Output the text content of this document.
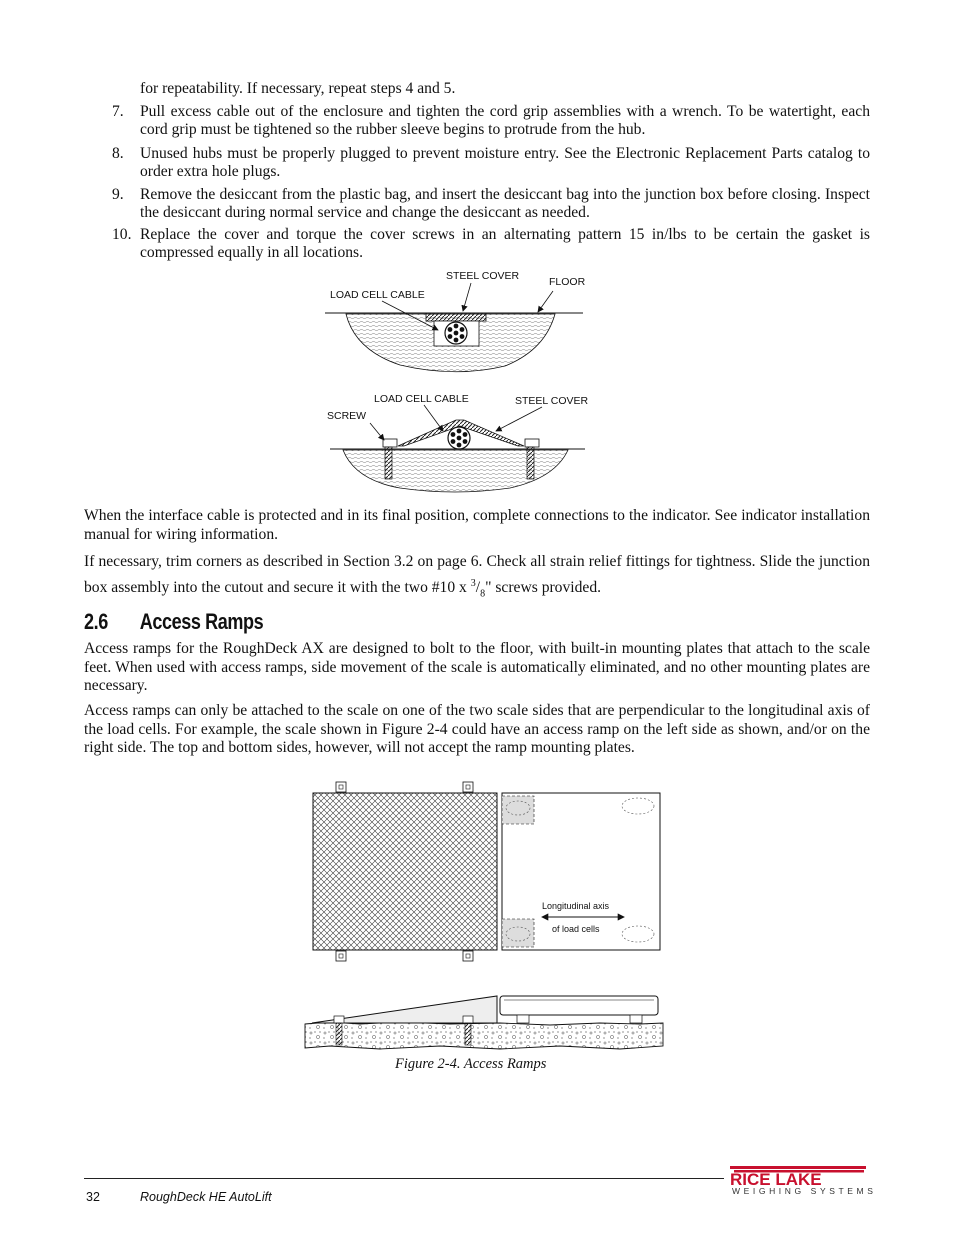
for repeatability. If necessary, repeat steps 4 and 5.
7.	Pull excess cable out of the enclosure and tighten the cord grip assemblies with a wrench. To be watertight, each cord grip must be tightened so the rubber sleeve begins to protrude from the hub.
8.	Unused hubs must be properly plugged to prevent moisture entry. See the Electronic Replacement Parts catalog to order extra hole plugs.
9.	Remove the desiccant from the plastic bag, and insert the desiccant bag into the junction box before closing. Inspect the desiccant during normal service and change the desiccant as needed.
10. Replace the cover and torque the cover screws in an alternating pattern 15 in/lbs to be certain the gasket is compressed equally in all locations.
STEEL COVER	FLOOR
LOAD CELL CABLE
LOAD CELL CABLE	STEEL COVER
SCREW
When the interface cable is protected and in its final position, complete connections to the indicator. See indicator installation manual for wiring information.
If necessary, trim corners as described in Section 3.2 on page 6. Check all strain relief fittings for tightness. Slide the junction box assembly into the cutout and secure it with the two #10 x $^3/_8$" screws provided.
2.6 Access Ramps
Access ramps for the RoughDeck AX are designed to bolt to the floor, with built-in mounting plates that attach to the scale feet. When used with access ramps, side movement of the scale is automatically eliminated, and no other mounting plates are necessary.
Access ramps can only be attached to the scale on one of the two scale sides that are perpendicular to the longitudinal axis of the load cells. For example, the scale shown in Figure 2-4 could have an access ramp on the left side as shown, and/or on the right side. The top and bottom sides, however, will not accept the ramp mounting plates.
Longitudinal axis
of load cells
Figure 2-4. Access Ramps
32	RoughDeck HE AutoLift
RICE LAKE
WEIGHING SYSTEMS
